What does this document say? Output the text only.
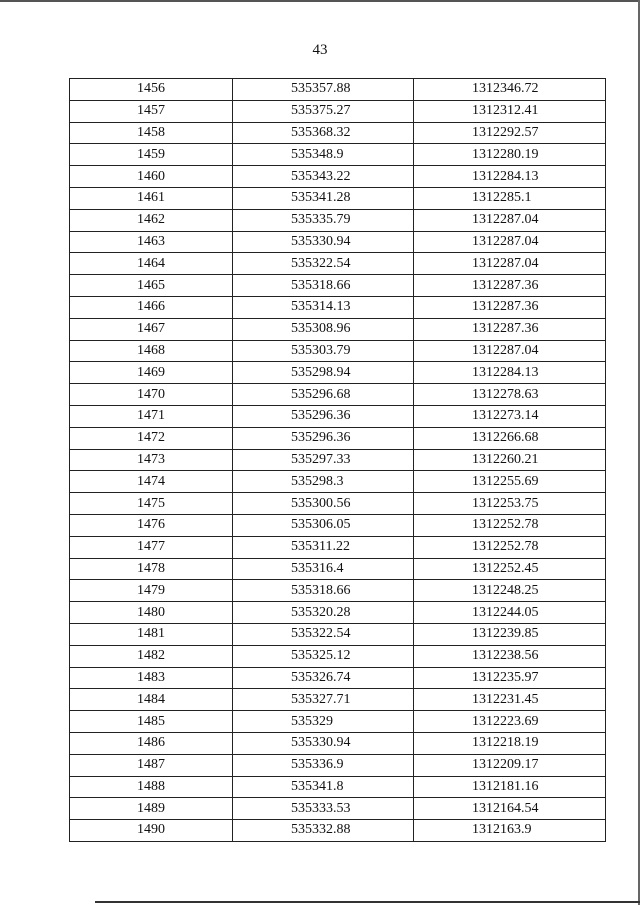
43
1456	535357.88	1312346.72
1457	535375.27	1312312.41
1458	535368.32	1312292.57
1459	535348.9	1312280.19
1460	535343.22	1312284.13
1461	535341.28	1312285.1
1462	535335.79	1312287.04
1463	535330.94	1312287.04
1464	535322.54	1312287.04
1465	535318.66	1312287.36
1466	535314.13	1312287.36
1467	535308.96	1312287.36
1468	535303.79	1312287.04
1469	535298.94	1312284.13
1470	535296.68	1312278.63
1471	535296.36	1312273.14
1472	535296.36	1312266.68
1473	535297.33	1312260.21
1474	535298.3	1312255.69
1475	535300.56	1312253.75
1476	535306.05	1312252.78
1477	535311.22	1312252.78
1478	535316.4	1312252.45
1479	535318.66	1312248.25
1480	535320.28	1312244.05
1481	535322.54	1312239.85
1482	535325.12	1312238.56
1483	535326.74	1312235.97
1484	535327.71	1312231.45
1485	535329	1312223.69
1486	535330.94	1312218.19
1487	535336.9	1312209.17
1488	535341.8	1312181.16
1489	535333.53	1312164.54
1490	535332.88	1312163.9
